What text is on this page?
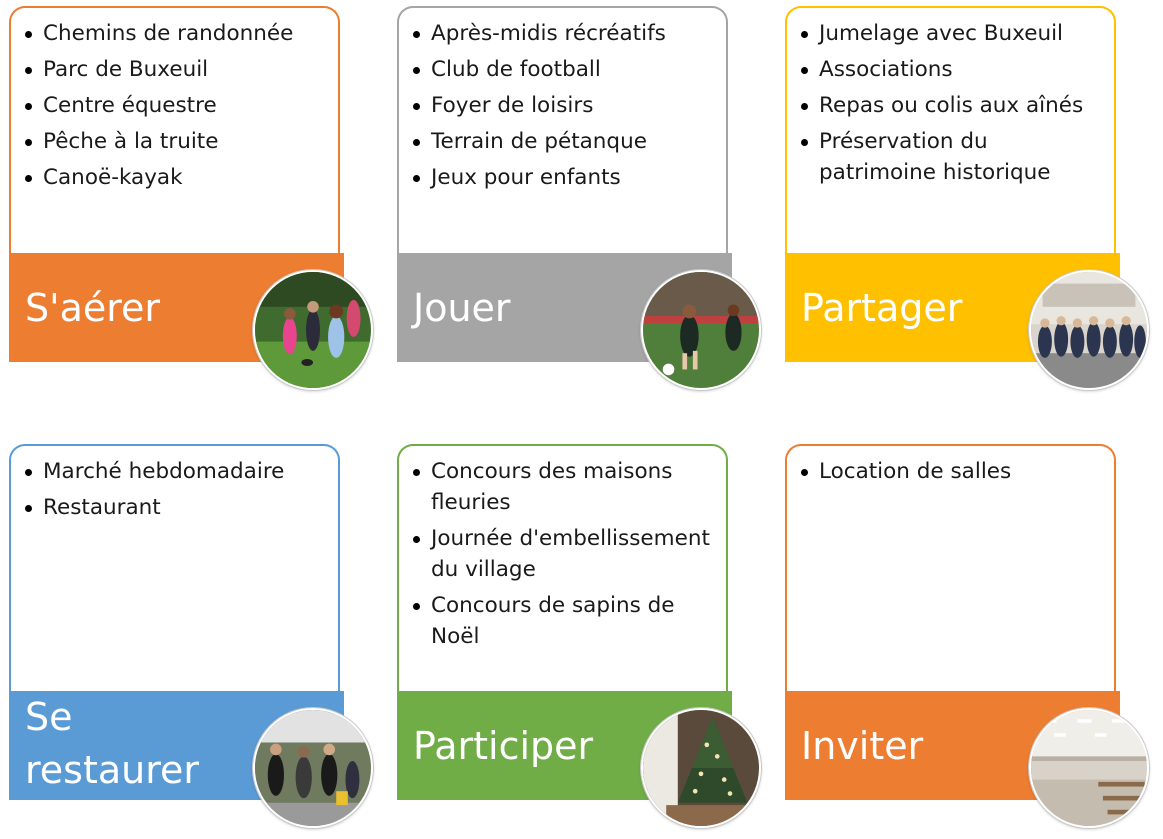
Chemins de randonnée
Parc de Buxeuil
Centre équestre
Pêche à la truite
Canoë-kayak
S'aérer
Après-midis récréatifs
Club de football
Foyer de loisirs
Terrain de pétanque
Jeux pour enfants
Jouer
Jumelage avec Buxeuil
Associations
Repas ou colis aux aînés
Préservation du patrimoine historique
Partager
Marché hebdomadaire
Restaurant
Se
restaurer
Concours des maisons fleuries
Journée d'embellissement du village
Concours de sapins de Noël
Participer
Location de salles
Inviter
